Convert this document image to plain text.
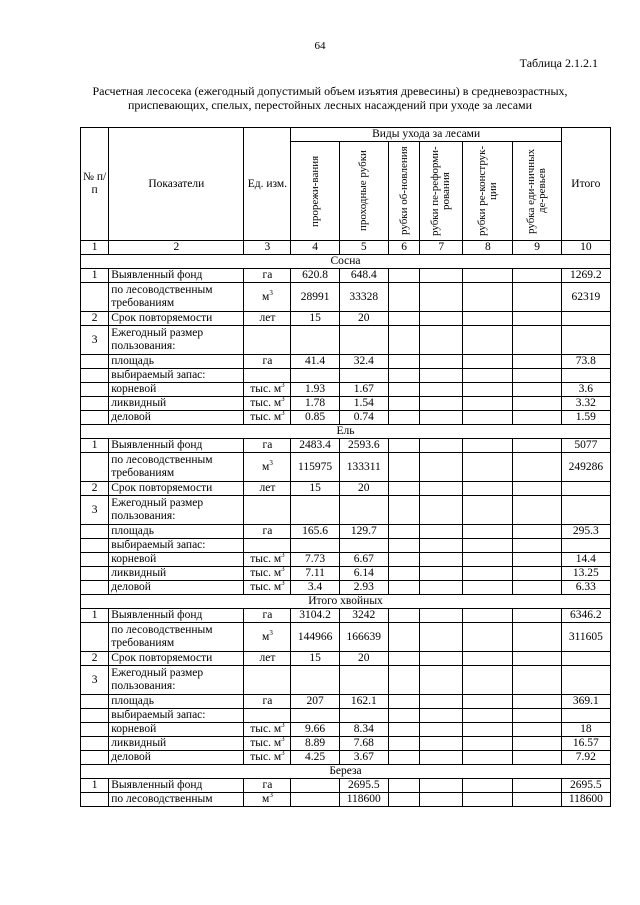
64
Таблица 2.1.2.1
Расчетная лесосека (ежегодный допустимый объем изъятия древесины) в средневозрастных,
приспевающих, спелых, перестойных лесных насаждений при уходе за лесами
№ п/п	Показатели	Ед. изм.	Виды ухода за лесами						Итого

			прорежи-вания	проходные рубки	рубки об-новления	рубки пе-реформи-рования	рубки ре-конструк-ции	рубка еди-ничных де-ревьев	

1	2	3	4	5	6	7	8	9	10
Сосна									
1	Выявленный фонд	га	620.8	648.4					1269.2
	по лесоводственным требованиям	$м^3$	28991	33328					62319
2	Срок повторяемости	лет	15	20					
3	Ежегодный размер пользования:								
	площадь	га	41.4	32.4					73.8
	выбираемый запас:								
	корневой	тыс. $м^3$	1.93	1.67					3.6
	ликвидный	тыс. $м^3$	1.78	1.54					3.32
	деловой	тыс. $м^3$	0.85	0.74					1.59
Ель									
1	Выявленный фонд	га	2483.4	2593.6					5077
	по лесоводственным требованиям	$м^3$	115975	133311					249286
2	Срок повторяемости	лет	15	20					
3	Ежегодный размер пользования:								
	площадь	га	165.6	129.7					295.3
	выбираемый запас:								
	корневой	тыс. $м^3$	7.73	6.67					14.4
	ликвидный	тыс. $м^3$	7.11	6.14					13.25
	деловой	тыс. $м^3$	3.4	2.93					6.33
Итого хвойных									
1	Выявленный фонд	га	3104.2	3242					6346.2
	по лесоводственным требованиям	$м^3$	144966	166639					311605
2	Срок повторяемости	лет	15	20					
3	Ежегодный размер пользования:								
	площадь	га	207	162.1					369.1
	выбираемый запас:								
	корневой	тыс. $м^3$	9.66	8.34					18
	ликвидный	тыс. $м^3$	8.89	7.68					16.57
	деловой	тыс. $м^3$	4.25	3.67					7.92
Береза									
1	Выявленный фонд	га		2695.5					2695.5
	по лесоводственным	$м^3$		118600					118600
